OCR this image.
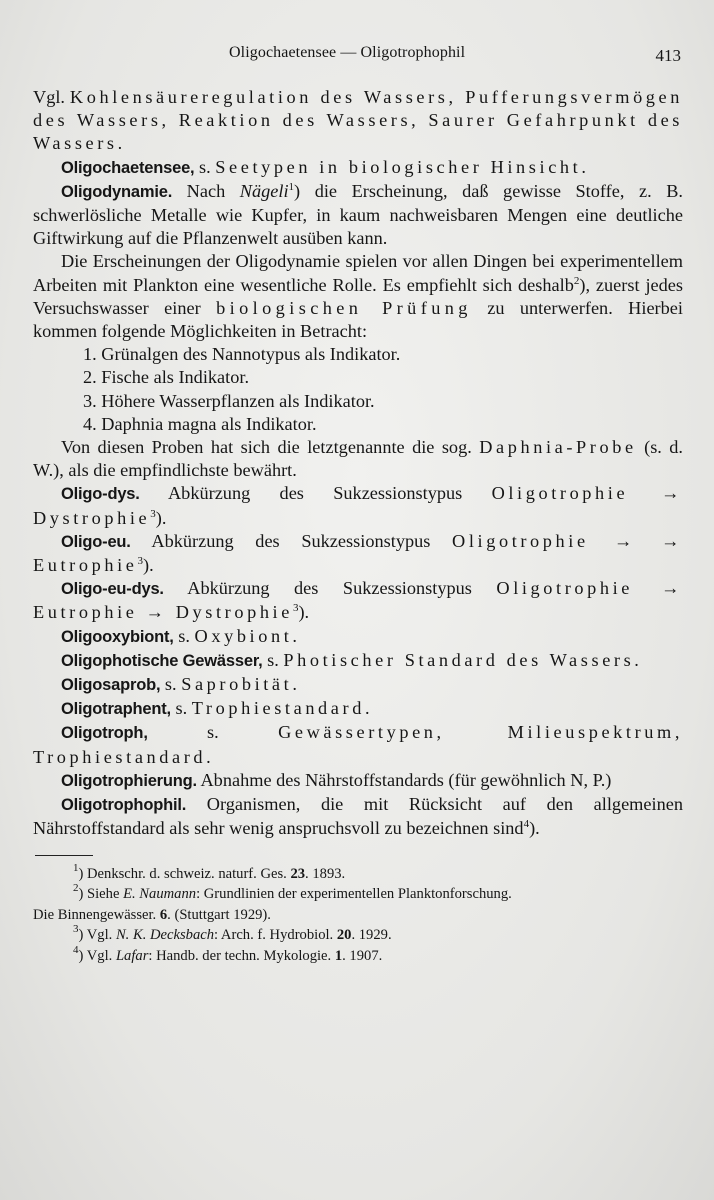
Oligochaetensee — Oligotrophophil	413

Vgl. Kohlensäureregulation des Wassers, Pufferungsvermögen des Wassers, Reaktion des Wassers, Saurer Gefahrpunkt des Wassers.

Oligochaetensee, s. Seetypen in biologischer Hinsicht.

Oligodynamie. Nach Nägeli$^1$) die Erscheinung, daß gewisse Stoffe, z. B. schwerlösliche Metalle wie Kupfer, in kaum nachweisbaren Mengen eine deutliche Giftwirkung auf die Pflanzenwelt ausüben kann.

Die Erscheinungen der Oligodynamie spielen vor allen Dingen bei experimentellem Arbeiten mit Plankton eine wesentliche Rolle. Es empfiehlt sich deshalb$^2$), zuerst jedes Versuchswasser einer biologischen Prüfung zu unterwerfen. Hierbei kommen folgende Möglichkeiten in Betracht:

1. Grünalgen des Nannotypus als Indikator.
2. Fische als Indikator.
3. Höhere Wasserpflanzen als Indikator.
4. Daphnia magna als Indikator.

Von diesen Proben hat sich die letztgenannte die sog. Daphnia-Probe (s. d. W.), als die empfindlichste bewährt.

Oligo-dys. Abkürzung des Sukzessionstypus Oligotrophie → Dystrophie$^3$).

Oligo-eu. Abkürzung des Sukzessionstypus Oligotrophie → → Eutrophie$^3$).

Oligo-eu-dys. Abkürzung des Sukzessionstypus Oligotrophie → Eutrophie → Dystrophie$^3$).

Oligooxybiont, s. Oxybiont.

Oligophotische Gewässer, s. Photischer Standard des Wassers.

Oligosaprob, s. Saprobität.

Oligotraphent, s. Trophiestandard.

Oligotroph, s. Gewässertypen, Milieuspektrum, Trophiestandard.

Oligotrophierung. Abnahme des Nährstoffstandards (für gewöhnlich N, P.)

Oligotrophophil. Organismen, die mit Rücksicht auf den allgemeinen Nährstoffstandard als sehr wenig anspruchsvoll zu bezeichnen sind$^4$).

$^1$) Denkschr. d. schweiz. naturf. Ges. 23. 1893.

$^2$) Siehe E. Naumann: Grundlinien der experimentellen Planktonforschung.

Die Binnengewässer. 6. (Stuttgart 1929).

$^3$) Vgl. N. K. Decksbach: Arch. f. Hydrobiol. 20. 1929.

$^4$) Vgl. Lafar: Handb. der techn. Mykologie. 1. 1907.
